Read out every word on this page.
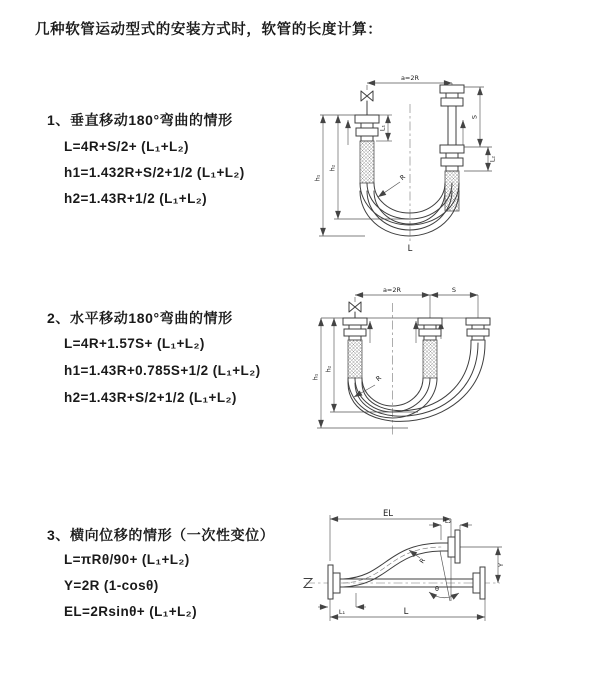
几种软管运动型式的安装方式时，软管的长度计算：
1、垂直移动180°弯曲的情形
L=4R+S/2+ (L₁+L₂)
h1=1.432R+S/2+1/2 (L₁+L₂)
h2=1.43R+1/2 (L₁+L₂)
2、水平移动180°弯曲的情形
L=4R+1.57S+ (L₁+L₂)
h1=1.43R+0.785S+1/2 (L₁+L₂)
h2=1.43R+S/2+1/2 (L₁+L₂)
3、横向位移的情形（一次性变位）
L=πRθ/90+ (L₁+L₂)
Y=2R (1-cosθ)
EL=2Rsinθ+ (L₁+L₂)
a=2R
h₁
h₂
L₁
S
L₂
R
L
a=2R	S
h₁
h₂
R
EL
L₂
Y
R
θ
L
L₁
